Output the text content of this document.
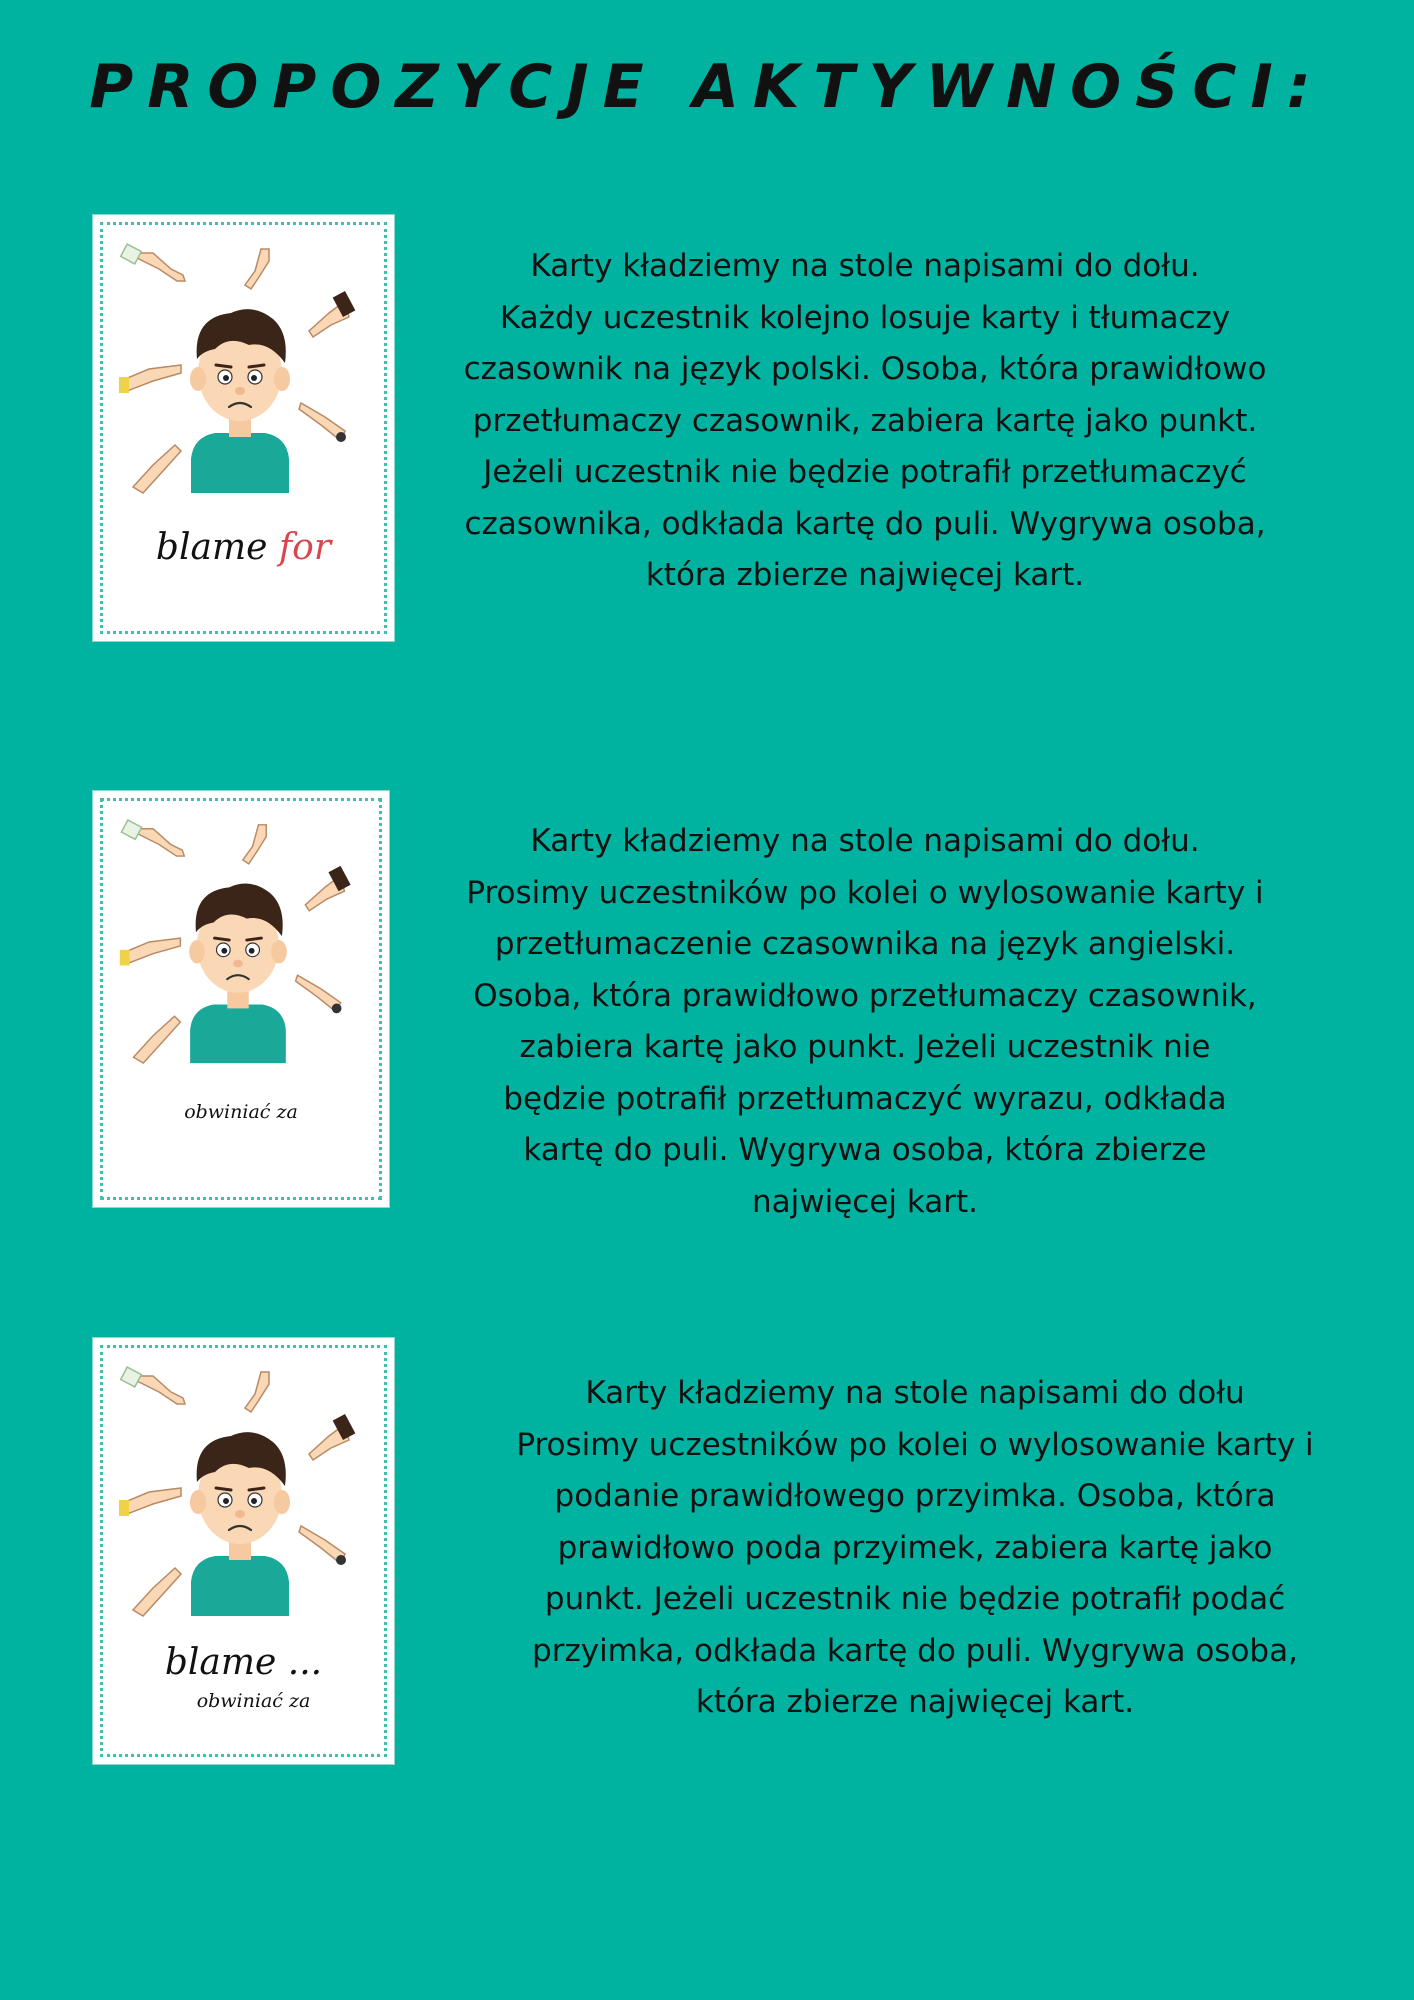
PROPOZYCJE AKTYWNOŚCI:
blame for

Karty kładziemy na stole napisami do dołu.
Każdy uczestnik kolejno losuje karty i tłumaczy
czasownik na język polski. Osoba, która prawidłowo
przetłumaczy czasownik, zabiera kartę jako punkt.
Jeżeli uczestnik nie będzie potrafił przetłumaczyć
czasownika, odkłada kartę do puli. Wygrywa osoba,
która zbierze najwięcej kart.

obwiniać za

Karty kładziemy na stole napisami do dołu.
Prosimy uczestników po kolei o wylosowanie karty i
przetłumaczenie czasownika na język angielski.
Osoba, która prawidłowo przetłumaczy czasownik,
zabiera kartę jako punkt. Jeżeli uczestnik nie
będzie potrafił przetłumaczyć wyrazu, odkłada
kartę do puli. Wygrywa osoba, która zbierze
najwięcej kart.

blame ...
obwiniać za

Karty kładziemy na stole napisami do dołu
Prosimy uczestników po kolei o wylosowanie karty i
podanie prawidłowego przyimka. Osoba, która
prawidłowo poda przyimek, zabiera kartę jako
punkt. Jeżeli uczestnik nie będzie potrafił podać
przyimka, odkłada kartę do puli. Wygrywa osoba,
która zbierze najwięcej kart.
